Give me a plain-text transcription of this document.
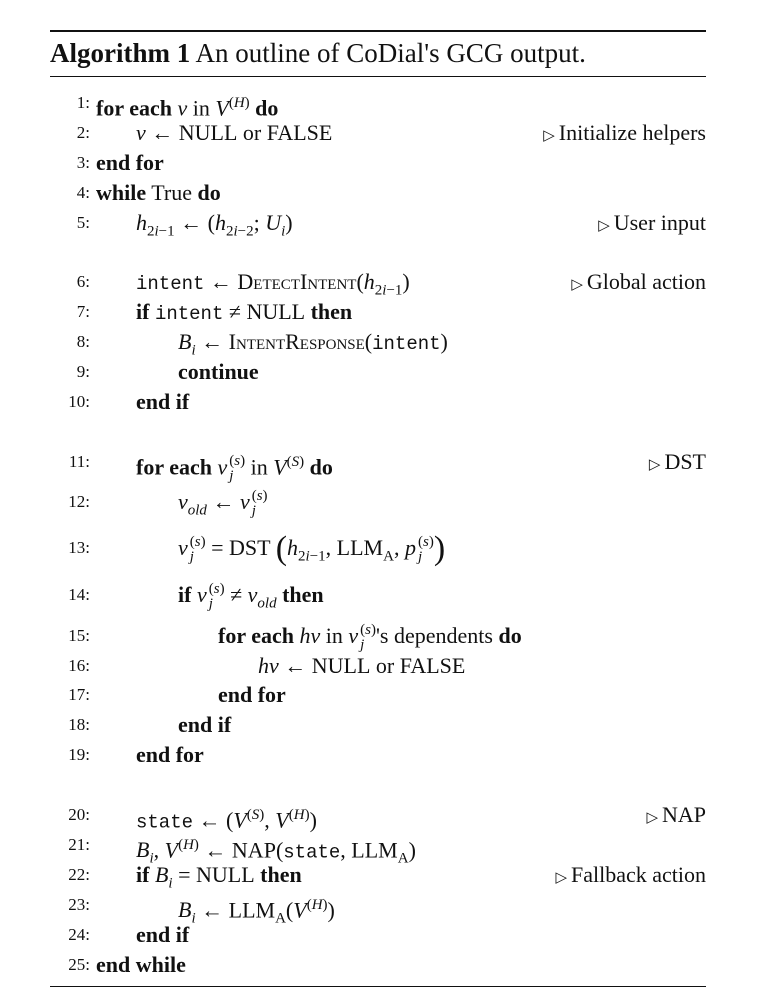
Algorithm 1 An outline of CoDial's GCG output.
1: for each v in $V^{(H)}$ do
2: v ← NULL or FALSE	▷ Initialize helpers
3: end for
4: while True do
5: $h_{2i-1}$ ← ($h_{2i-2}$; $U_i$)	▷ User input
6: intent ← $DetectIntent(h_{2i-1})$	▷ Global action
7: if intent ≠ NULL then
8:	$B_i$ ← IntentResponse(intent)
9:	continue
10: end if
11: for each v (s)
j in $V^{(S)}$ do	▷ DST
12:	$v_{old}$ ← v (s)
j
13:	v (s)
j = DST ($h_{2i-1}$, $LLM_A$, p (s)
j )
14:	if v (s)
$j \ne v_{old}$ then
15:	for each hv in v (s)
j 's dependents do
16:	hv ← NULL or FALSE
17:	end for
18:	end if
19: end for
20: state ← ($V^{(S)}$, $V^{(H)}$)	▷ NAP
21: $B_i$, $V^{(H)}$ ← NAP(state, $LLM_A$)
22: if $B_i$ = NULL then	▷ Fallback action
23:	$B_i$ ← $LLM_A(V^{(H)})$
24: end if
25: end while
